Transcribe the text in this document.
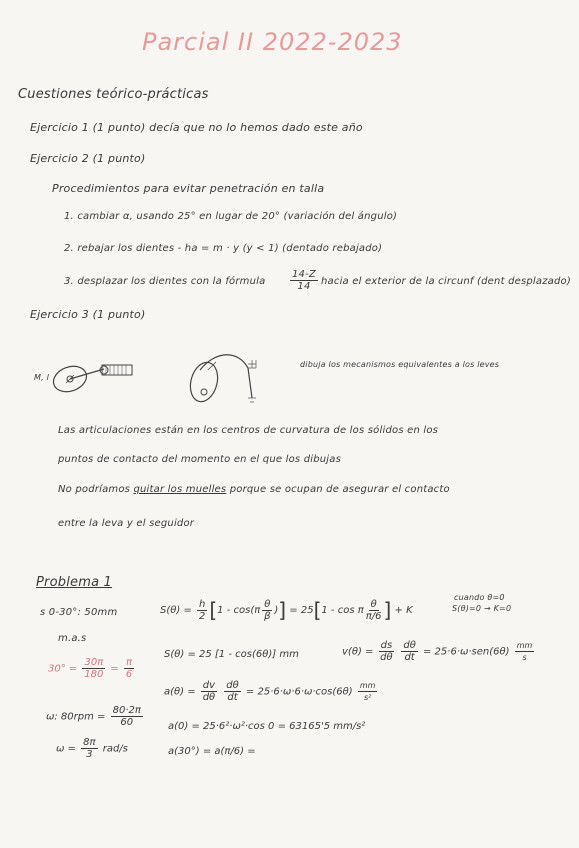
Parcial II 2022-2023
Cuestiones teórico-prácticas
Ejercicio 1 (1 punto) decía que no lo hemos dado este año
Ejercicio 2 (1 punto)
Procedimientos para evitar penetración en talla
1. cambiar α, usando 25° en lugar de 20° (variación del ángulo)
2. rebajar los dientes - ha = m · y (y < 1) (dentado rebajado)
3. desplazar los dientes con la fórmula $\frac{14-Z}{14}$ hacia el exterior de la circunf (dent desplazado)
Ejercicio 3 (1 punto)
M, l
dibuja los mecanismos equivalentes a los leves
Las articulaciones están en los centros de curvatura de los sólidos en los
puntos de contacto del momento en el que los dibujas
No podríamos quitar los muelles porque se ocupan de asegurar el contacto
entre la leva y el seguidor
Problema 1
s 0-30°: 50mm
m.a.s
$30^\circ = \frac{30\pi}{180} = \frac{\pi}{6}$
ω: $80rpm = \frac{80\cdot 2\pi}{60}$
$\omega = \frac{8\pi}{3} rad/s$
$S(\theta) = \frac{h}{2} [1 - \cos(\pi \frac{\theta}{\beta}$ )] = 25[1 - cos π $\frac{\theta}{\pi/6}$ ] + K
cuando θ=0
S(θ)=0 → K=0
S(θ) = 25 [1 - cos(6θ)] mm	$v(\theta) = \frac{ds}{d\theta}$
$\frac{d\theta}{dt} = 25\cdot 6\cdot\omega\cdot sen(6\theta) \frac{mm}{s}$
$a(\theta) = \frac{dv}{d\theta}$
$\frac{d\theta}{dt} = 25\cdot 6\cdot\omega\cdot 6\cdot\omega\cdot\cos(6\theta) \frac{mm}{\text{s²}}$
a(0) = 25·6²·ω²·cos 0 = 63165'5 mm/s²
a(30°) = a(π/6) =
